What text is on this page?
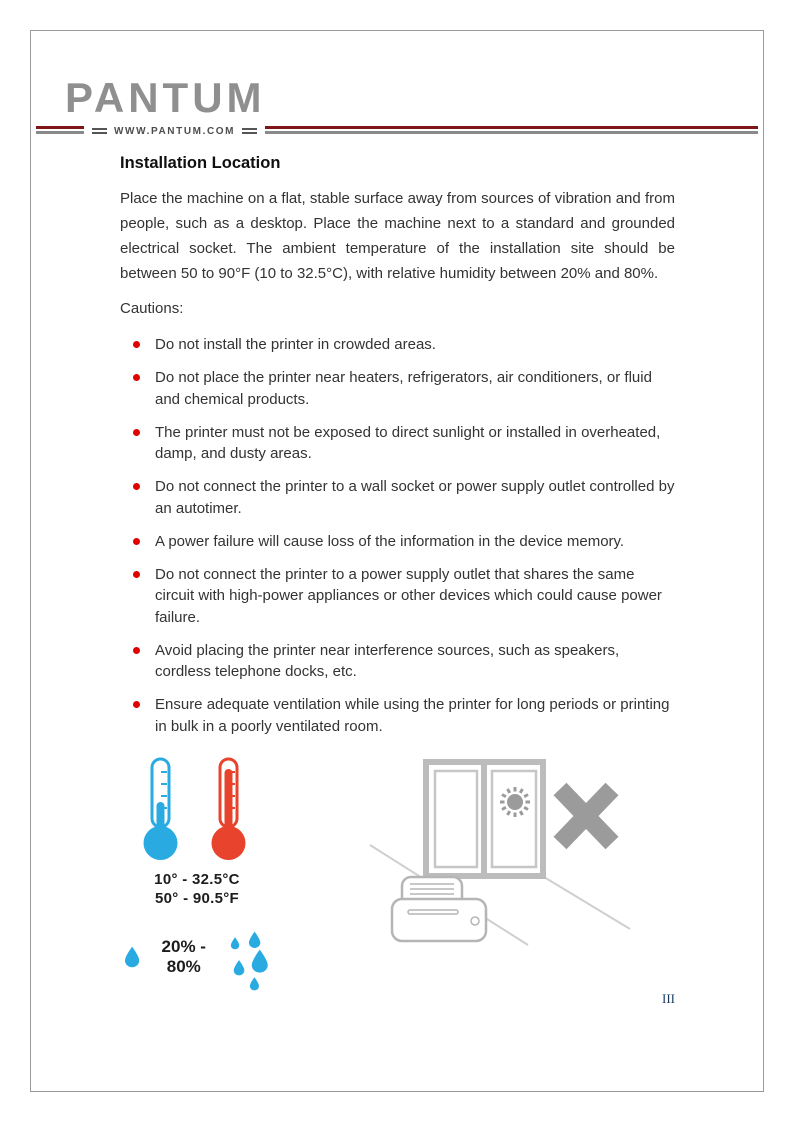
PANTUM
WWW.PANTUM.COM
Installation Location

Place the machine on a flat, stable surface away from sources of vibration and from people, such as a desktop. Place the machine next to a standard and grounded electrical socket. The ambient temperature of the installation site should be between 50 to 90°F (10 to 32.5°C), with relative humidity between 20% and 80%.

Cautions:
Do not install the printer in crowded areas.
Do not place the printer near heaters, refrigerators, air conditioners, or fluid and chemical products.
The printer must not be exposed to direct sunlight or installed in overheated, damp, and dusty areas.
Do not connect the printer to a wall socket or power supply outlet controlled by an autotimer.
A power failure will cause loss of the information in the device memory.
Do not connect the printer to a power supply outlet that shares the same circuit with high-power appliances or other devices which could cause power failure.
Avoid placing the printer near interference sources, such as speakers, cordless telephone docks, etc.
Ensure adequate ventilation while using the printer for long periods or printing in bulk in a poorly ventilated room.
10° - 32.5°C
50° - 90.5°F
20% - 80%
III
